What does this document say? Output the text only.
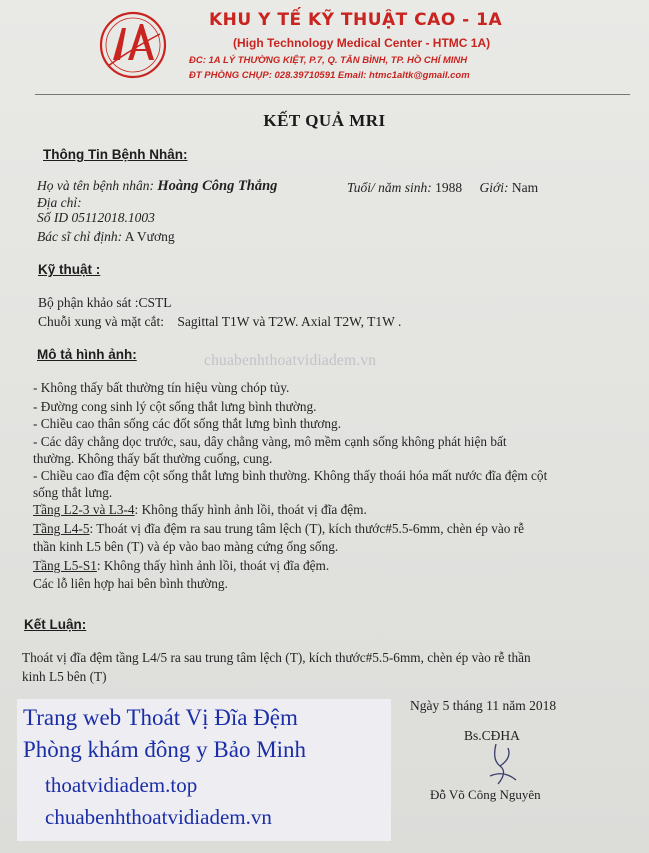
KHU Y TẾ KỸ THUẬT CAO - 1A
(High Technology Medical Center - HTMC 1A)
ĐC: 1A LÝ THƯỜNG KIỆT, P.7, Q. TÂN BÌNH, TP. HỒ CHÍ MINH
ĐT PHÒNG CHỤP: 028.39710591 Email: htmc1altk@gmail.com
KẾT QUẢ MRI
Thông Tin Bệnh Nhân:
Họ và tên bệnh nhân: Hoàng Công Thắng	Tuổi/ năm sinh: 1988 Giới: Nam
Địa chỉ:
Số ID 05112018.1003
Bác sĩ chỉ định: A Vương
Kỹ thuật :
Bộ phận khảo sát :CSTL
Chuỗi xung và mặt cắt: Sagittal T1W và T2W. Axial T2W, T1W .
chuabenhthoatvidiadem.vn
Mô tả hình ảnh:
- Không thấy bất thường tín hiệu vùng chóp tủy.
- Đường cong sinh lý cột sống thắt lưng bình thường.
- Chiều cao thân sống các đốt sống thắt lưng bình thương.
- Các dây chằng dọc trước, sau, dây chằng vàng, mô mềm cạnh sống không phát hiện bất
thường. Không thấy bất thường cuống, cung.
- Chiều cao đĩa đệm cột sống thắt lưng bình thường. Không thấy thoái hóa mất nước đĩa đệm cột
sống thắt lưng.
Tầng L2-3 và L3-4: Không thấy hình ảnh lồi, thoát vị đĩa đệm.
Tầng L4-5: Thoát vị đĩa đệm ra sau trung tâm lệch (T), kích thước#5.5-6mm, chèn ép vào rễ
thần kinh L5 bên (T) và ép vào bao màng cứng ống sống.
Tầng L5-S1: Không thấy hình ảnh lồi, thoát vị đĩa đệm.
Các lỗ liên hợp hai bên bình thường.
Kết Luận:
Thoát vị đĩa đệm tầng L4/5 ra sau trung tâm lệch (T), kích thước#5.5-6mm, chèn ép vào rễ thần
kinh L5 bên (T)
Ngày 5 tháng 11 năm 2018
Bs.CĐHA
Đỗ Võ Công Nguyên
Trang web Thoát Vị Đĩa Đệm
Phòng khám đông y Bảo Minh
thoatvidiadem.top
chuabenhthoatvidiadem.vn
